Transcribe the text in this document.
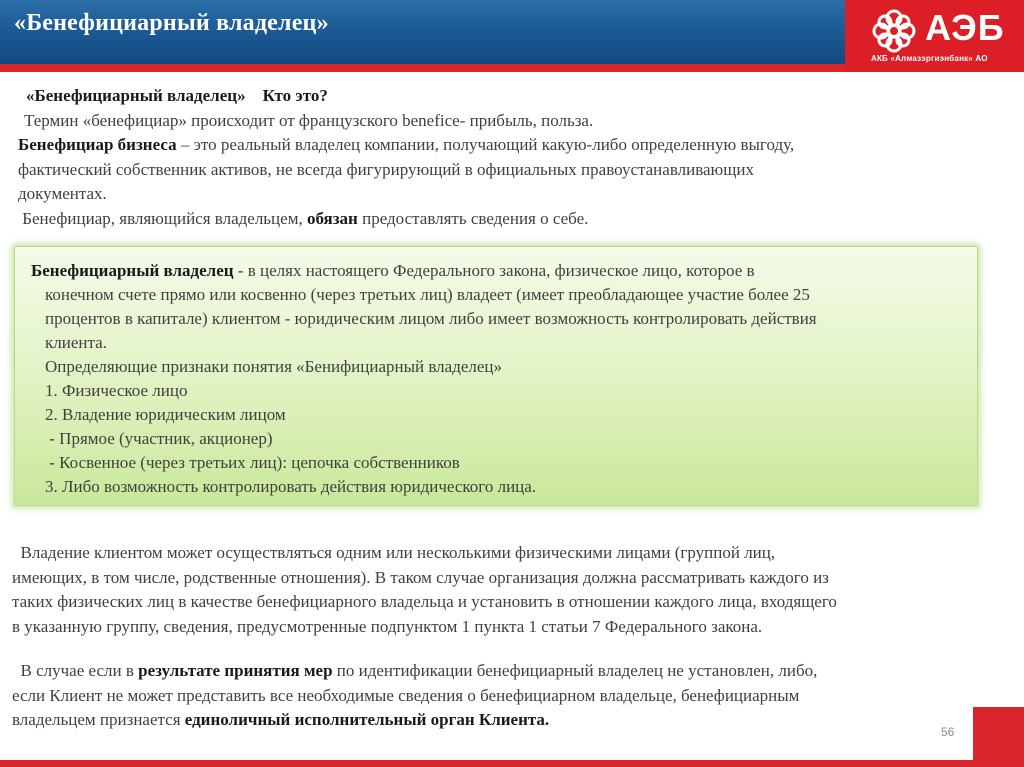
«Бенефициарный владелец»	АЭБ
АКБ «Алмазэргиэнбанк» АО
«Бенефициарный владелец» Кто это?
Термин «бенефициар» происходит от французского benefice- прибыль, польза.
Бенефициар бизнеса – это реальный владелец компании, получающий какую-либо определенную выгоду,
фактический собственник активов, не всегда фигурирующий в официальных правоустанавливающих
документах.
Бенефициар, являющийся владельцем, обязан предоставлять сведения о себе.
Бенефициарный владелец - в целях настоящего Федерального закона, физическое лицо, которое в
конечном счете прямо или косвенно (через третьих лиц) владеет (имеет преобладающее участие более 25
процентов в капитале) клиентом - юридическим лицом либо имеет возможность контролировать действия
клиента.
Определяющие признаки понятия «Бенифициарный владелец»
1. Физическое лицо
2. Владение юридическим лицом
- Прямое (участник, акционер)
- Косвенное (через третьих лиц): цепочка собственников
3. Либо возможность контролировать действия юридического лица.
Владение клиентом может осуществляться одним или несколькими физическими лицами (группой лиц,
имеющих, в том числе, родственные отношения). В таком случае организация должна рассматривать каждого из
таких физических лиц в качестве бенефициарного владельца и установить в отношении каждого лица, входящего
в указанную группу, сведения, предусмотренные подпунктом 1 пункта 1 статьи 7 Федерального закона.
В случае если в результате принятия мер по идентификации бенефициарный владелец не установлен, либо,
если Клиент не может представить все необходимые сведения о бенефициарном владельце, бенефициарным
владельцем признается единоличный исполнительный орган Клиента.
56
